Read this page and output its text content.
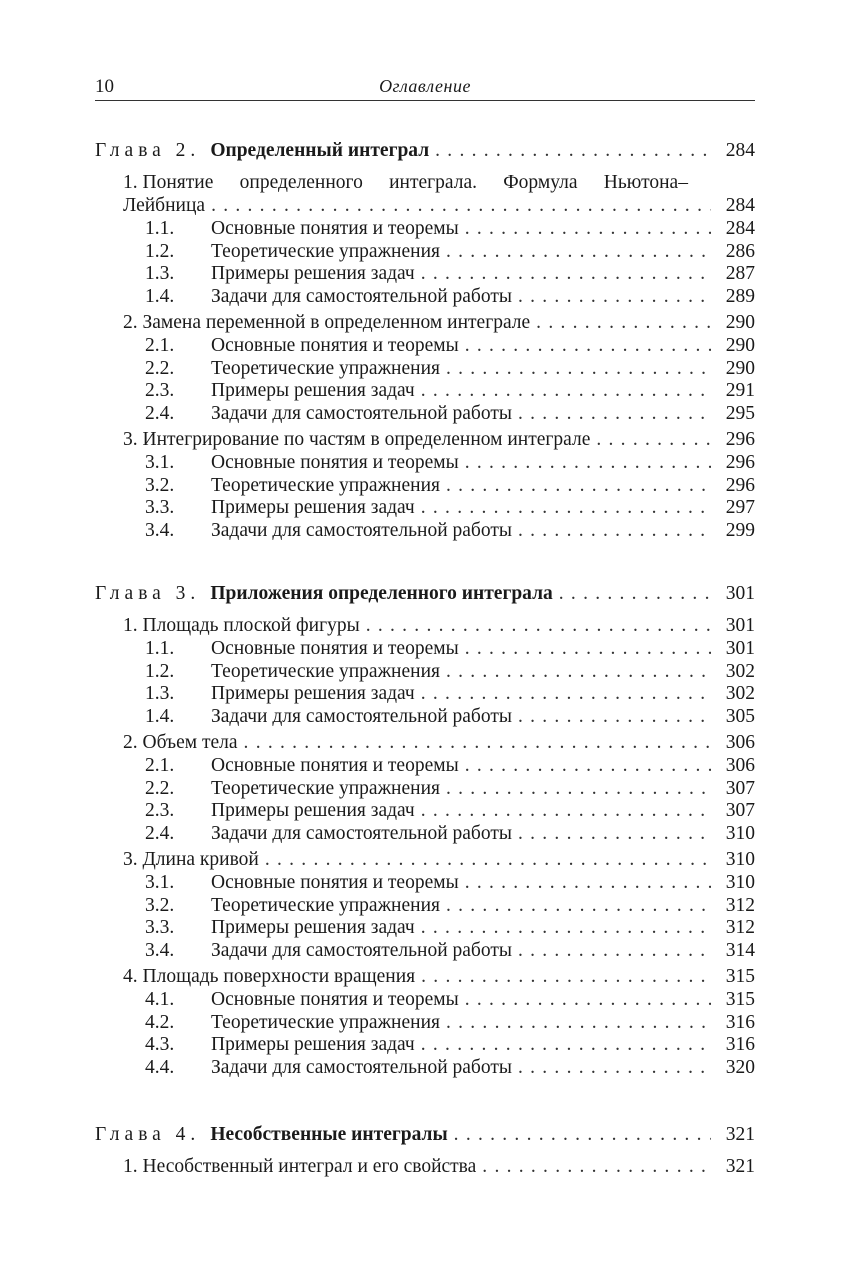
10	Оглавление
Глава 2. Определенный интеграл . . .	284
1. Понятие определенного интеграла. Формула Ньютона–
Лейбница . . .	284
1.1.	Основные понятия и теоремы . . .	284
1.2.	Теоретические упражнения . . .	286
1.3.	Примеры решения задач . . .	287
1.4.	Задачи для самостоятельной работы . . .	289
2. Замена переменной в определенном интеграле . . .	290
2.1.	Основные понятия и теоремы . . .	290
2.2.	Теоретические упражнения . . .	290
2.3.	Примеры решения задач . . .	291
2.4.	Задачи для самостоятельной работы . . .	295
3. Интегрирование по частям в определенном интеграле . . .	296
3.1.	Основные понятия и теоремы . . .	296
3.2.	Теоретические упражнения . . .	296
3.3.	Примеры решения задач . . .	297
3.4.	Задачи для самостоятельной работы . . .	299
Глава 3. Приложения определенного интеграла . . .	301
1. Площадь плоской фигуры . . .	301
1.1.	Основные понятия и теоремы . . .	301
1.2.	Теоретические упражнения . . .	302
1.3.	Примеры решения задач . . .	302
1.4.	Задачи для самостоятельной работы . . .	305
2. Объем тела . . .	306
2.1.	Основные понятия и теоремы . . .	306
2.2.	Теоретические упражнения . . .	307
2.3.	Примеры решения задач . . .	307
2.4.	Задачи для самостоятельной работы . . .	310
3. Длина кривой . . .	310
3.1.	Основные понятия и теоремы . . .	310
3.2.	Теоретические упражнения . . .	312
3.3.	Примеры решения задач . . .	312
3.4.	Задачи для самостоятельной работы . . .	314
4. Площадь поверхности вращения . . .	315
4.1.	Основные понятия и теоремы . . .	315
4.2.	Теоретические упражнения . . .	316
4.3.	Примеры решения задач . . .	316
4.4.	Задачи для самостоятельной работы . . .	320
Глава 4. Несобственные интегралы . . .	321
1. Несобственный интеграл и его свойства . . .	321
